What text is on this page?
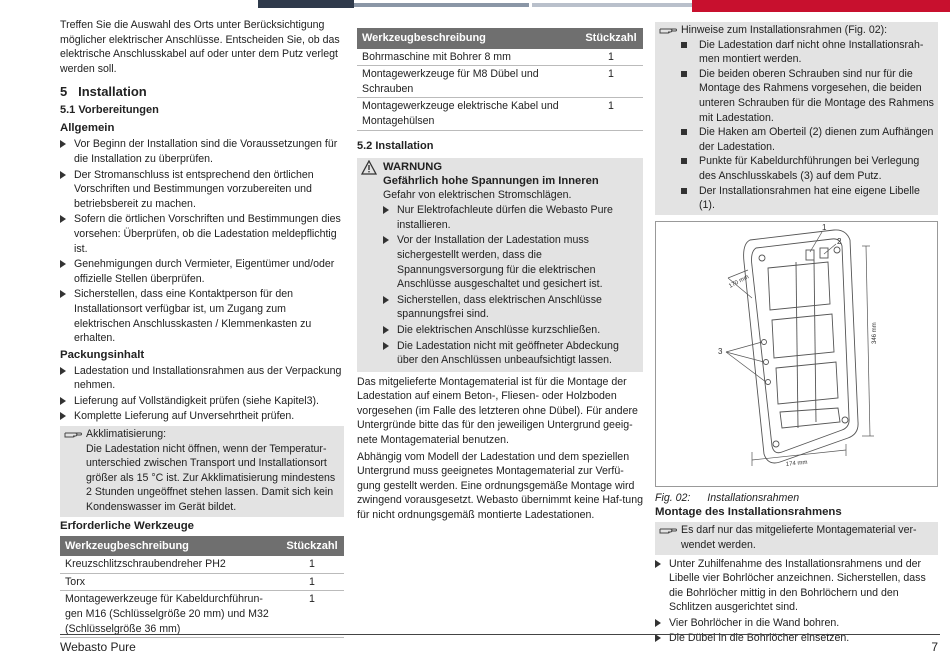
Treffen Sie die Auswahl des Orts unter Berücksichtigung möglicher elektrischer Anschlüsse. Entscheiden Sie, ob das elektrische Anschlusskabel auf oder unter dem Putz verlegt werden soll.

5 Installation
5.1 Vorbereitungen
Allgemein
Vor Beginn der Installation sind die Voraussetzungen für die Installation zu überprüfen.
Der Stromanschluss ist entsprechend den örtlichen Vorschriften und Bestimmungen vorzubereiten und betriebsbereit zu machen.
Sofern die örtlichen Vorschriften und Bestimmungen dies vorsehen: Überprüfen, ob die Ladestation meldepflichtig ist.
Genehmigungen durch Vermieter, Eigentümer und/oder offizielle Stellen überprüfen.
Sicherstellen, dass eine Kontaktperson für den Installationsort verfügbar ist, um Zugang zum elektrischen Anschlusskasten / Klemmenkasten zu erhalten.
Packungsinhalt
Ladestation und Installationsrahmen aus der Verpackung nehmen.
Lieferung auf Vollständigkeit prüfen (siehe Kapitel3).
Komplette Lieferung auf Unversehrtheit prüfen.
Akklimatisierung:
Die Ladestation nicht öffnen, wenn der Temperatur-unterschied zwischen Transport und Installationsort größer als 15 °C ist. Zur Akklimatisierung mindestens 2 Stunden ungeöffnet stehen lassen. Damit sich kein Kondenswasser im Gerät bildet.
Erforderliche Werkzeuge
Werkzeugbeschreibung	Stückzahl
Kreuzschlitzschraubendreher PH2	1
Torx	1
Montagewerkzeuge für Kabeldurchführun-gen M16 (Schlüsselgröße 20 mm) und M32 (Schlüsselgröße 36 mm)	1
Werkzeugbeschreibung	Stückzahl
Bohrmaschine mit Bohrer 8 mm	1
Montagewerkzeuge für M8 Dübel und Schrauben	1
Montagewerkzeuge elektrische Kabel und Montagehülsen	1
5.2 Installation
WARNUNG
Gefährlich hohe Spannungen im Inneren
Gefahr von elektrischen Stromschlägen.
Nur Elektrofachleute dürfen die Webasto Pure installieren.
Vor der Installation der Ladestation muss sichergestellt werden, dass die Spannungsversorgung für die elektrischen Anschlüsse ausgeschaltet und gesichert ist.
Sicherstellen, dass elektrischen Anschlüsse spannungsfrei sind.
Die elektrischen Anschlüsse kurzschließen.
Die Ladestation nicht mit geöffneter Abdeckung über den Anschlüssen unbeaufsichtigt lassen.

Das mitgelieferte Montagematerial ist für die Montage der Ladestation auf einem Beton-, Fliesen- oder Holzboden vorgesehen (im Falle des letzteren ohne Dübel). Für andere Untergründe bitte das für den jeweiligen Untergrund geeig-nete Montagematerial benutzen.

Abhängig vom Modell der Ladestation und dem speziellen Untergrund muss geeignetes Montagematerial zur Verfü-gung gestellt werden. Eine ordnungsgemäße Montage wird zwingend vorausgesetzt. Webasto übernimmt keine Haf-tung für nicht ordnungsgemäß montierte Ladestationen.

Hinweise zum Installationsrahmen (Fig. 02):
Die Ladestation darf nicht ohne Installationsrah-men montiert werden.
Die beiden oberen Schrauben sind nur für die Montage des Rahmens vorgesehen, die beiden unteren Schrauben für die Montage des Rahmens mit Ladestation.
Die Haken am Oberteil (2) dienen zum Aufhängen der Ladestation.
Punkte für Kabeldurchführungen bei Verlegung des Anschlusskabels (3) auf dem Putz.
Der Installationsrahmen hat eine eigene Libelle (1).
1
2
3
170 mm
346 mm
174 mm
Fig. 02: Installationsrahmen
Montage des Installationsrahmens
Es darf nur das mitgelieferte Montagematerial ver-wendet werden.
Unter Zuhilfenahme des Installationsrahmens und der Libelle vier Bohrlöcher anzeichnen. Sicherstellen, dass die Bohrlöcher mittig in den Bohrlöchern und den Schlitzen ausgerichtet sind.
Vier Bohrlöcher in die Wand bohren.
Die Dübel in die Bohrlöcher einsetzen.
Webasto Pure	7
